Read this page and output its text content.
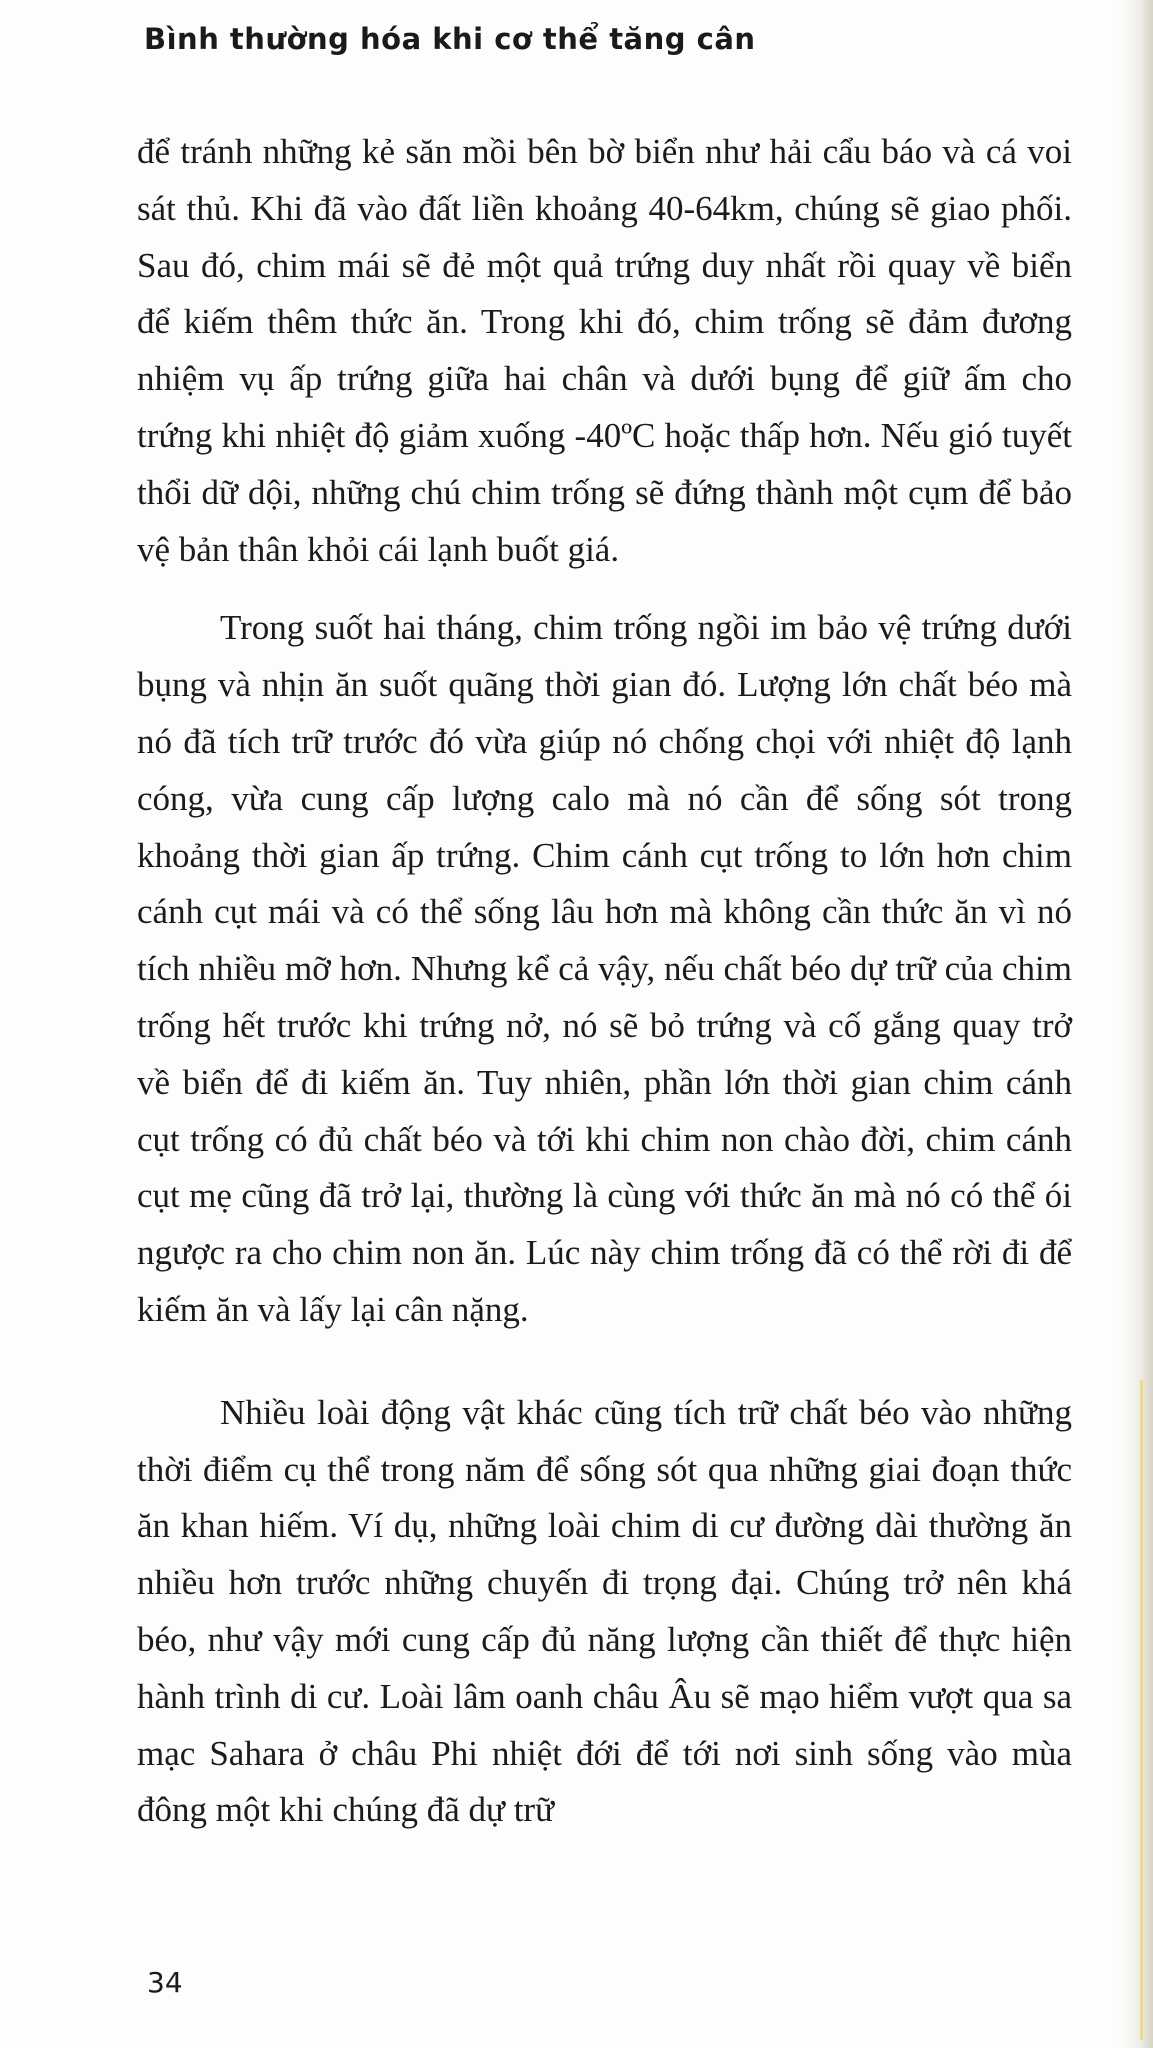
Bình thường hóa khi cơ thể tăng cân

để tránh những kẻ săn mồi bên bờ biển như hải cẩu báo và cá voi sát thủ. Khi đã vào đất liền khoảng 40-64km, chúng sẽ giao phối. Sau đó, chim mái sẽ đẻ một quả trứng duy nhất rồi quay về biển để kiếm thêm thức ăn. Trong khi đó, chim trống sẽ đảm đương nhiệm vụ ấp trứng giữa hai chân và dưới bụng để giữ ấm cho trứng khi nhiệt độ giảm xuống -40ºC hoặc thấp hơn. Nếu gió tuyết thổi dữ dội, những chú chim trống sẽ đứng thành một cụm để bảo vệ bản thân khỏi cái lạnh buốt giá.

Trong suốt hai tháng, chim trống ngồi im bảo vệ trứng dưới bụng và nhịn ăn suốt quãng thời gian đó. Lượng lớn chất béo mà nó đã tích trữ trước đó vừa giúp nó chống chọi với nhiệt độ lạnh cóng, vừa cung cấp lượng calo mà nó cần để sống sót trong khoảng thời gian ấp trứng. Chim cánh cụt trống to lớn hơn chim cánh cụt mái và có thể sống lâu hơn mà không cần thức ăn vì nó tích nhiều mỡ hơn. Nhưng kể cả vậy, nếu chất béo dự trữ của chim trống hết trước khi trứng nở, nó sẽ bỏ trứng và cố gắng quay trở về biển để đi kiếm ăn. Tuy nhiên, phần lớn thời gian chim cánh cụt trống có đủ chất béo và tới khi chim non chào đời, chim cánh cụt mẹ cũng đã trở lại, thường là cùng với thức ăn mà nó có thể ói ngược ra cho chim non ăn. Lúc này chim trống đã có thể rời đi để kiếm ăn và lấy lại cân nặng.

Nhiều loài động vật khác cũng tích trữ chất béo vào những thời điểm cụ thể trong năm để sống sót qua những giai đoạn thức ăn khan hiếm. Ví dụ, những loài chim di cư đường dài thường ăn nhiều hơn trước những chuyến đi trọng đại. Chúng trở nên khá béo, như vậy mới cung cấp đủ năng lượng cần thiết để thực hiện hành trình di cư. Loài lâm oanh châu Âu sẽ mạo hiểm vượt qua sa mạc Sahara ở châu Phi nhiệt đới để tới nơi sinh sống vào mùa đông một khi chúng đã dự trữ

34
